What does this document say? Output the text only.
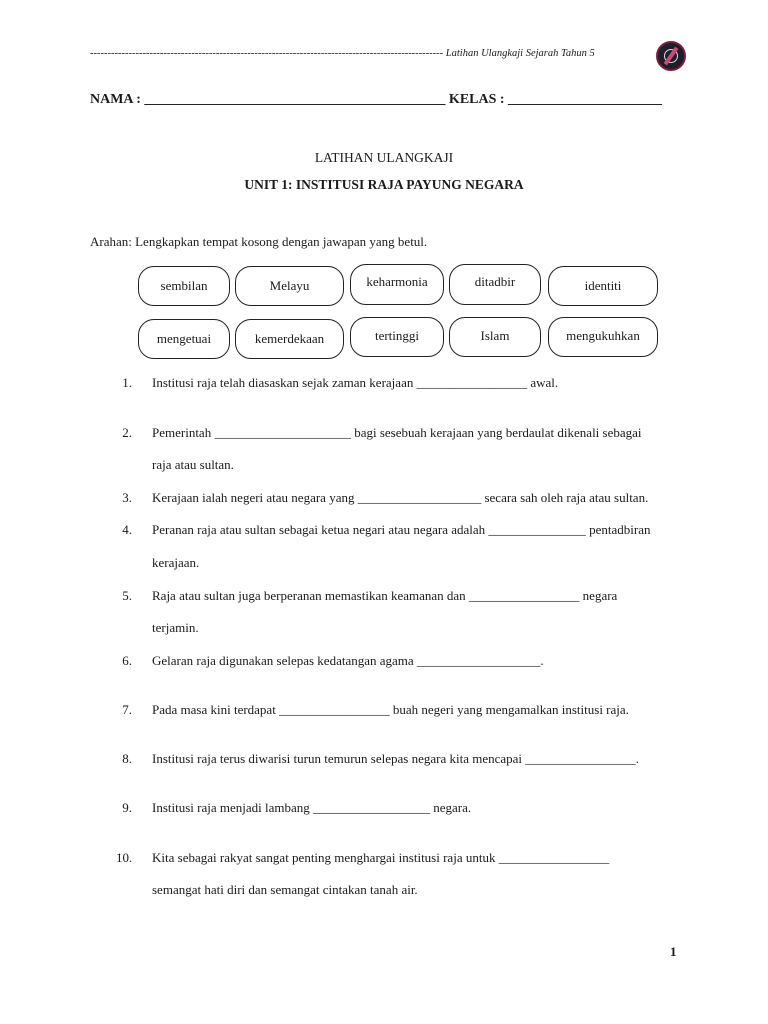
----------------------------------------------------------------------------------------------------- Latihan Ulangkaji Sejarah Tahun 5
NAMA : ___________________________________________ KELAS : ______________________
LATIHAN ULANGKAJI
UNIT 1: INSTITUSI RAJA PAYUNG NEGARA
Arahan: Lengkapkan tempat kosong dengan jawapan yang betul.
sembilan	Melayu	keharmonia	ditadbir	identiti
mengetuai	kemerdekaan	tertinggi	Islam	mengukuhkan
1. Institusi raja telah diasaskan sejak zaman kerajaan _________________ awal.
2. Pemerintah _____________________ bagi sesebuah kerajaan yang berdaulat dikenali sebagai
raja atau sultan.
3. Kerajaan ialah negeri atau negara yang ___________________ secara sah oleh raja atau sultan.
4. Peranan raja atau sultan sebagai ketua negari atau negara adalah _______________ pentadbiran
kerajaan.
5. Raja atau sultan juga berperanan memastikan keamanan dan _________________ negara
terjamin.
6. Gelaran raja digunakan selepas kedatangan agama ___________________.
7. Pada masa kini terdapat _________________ buah negeri yang mengamalkan institusi raja.
8. Institusi raja terus diwarisi turun temurun selepas negara kita mencapai _________________.
9. Institusi raja menjadi lambang __________________ negara.
10. Kita sebagai rakyat sangat penting menghargai institusi raja untuk _________________
semangat hati diri dan semangat cintakan tanah air.
1
